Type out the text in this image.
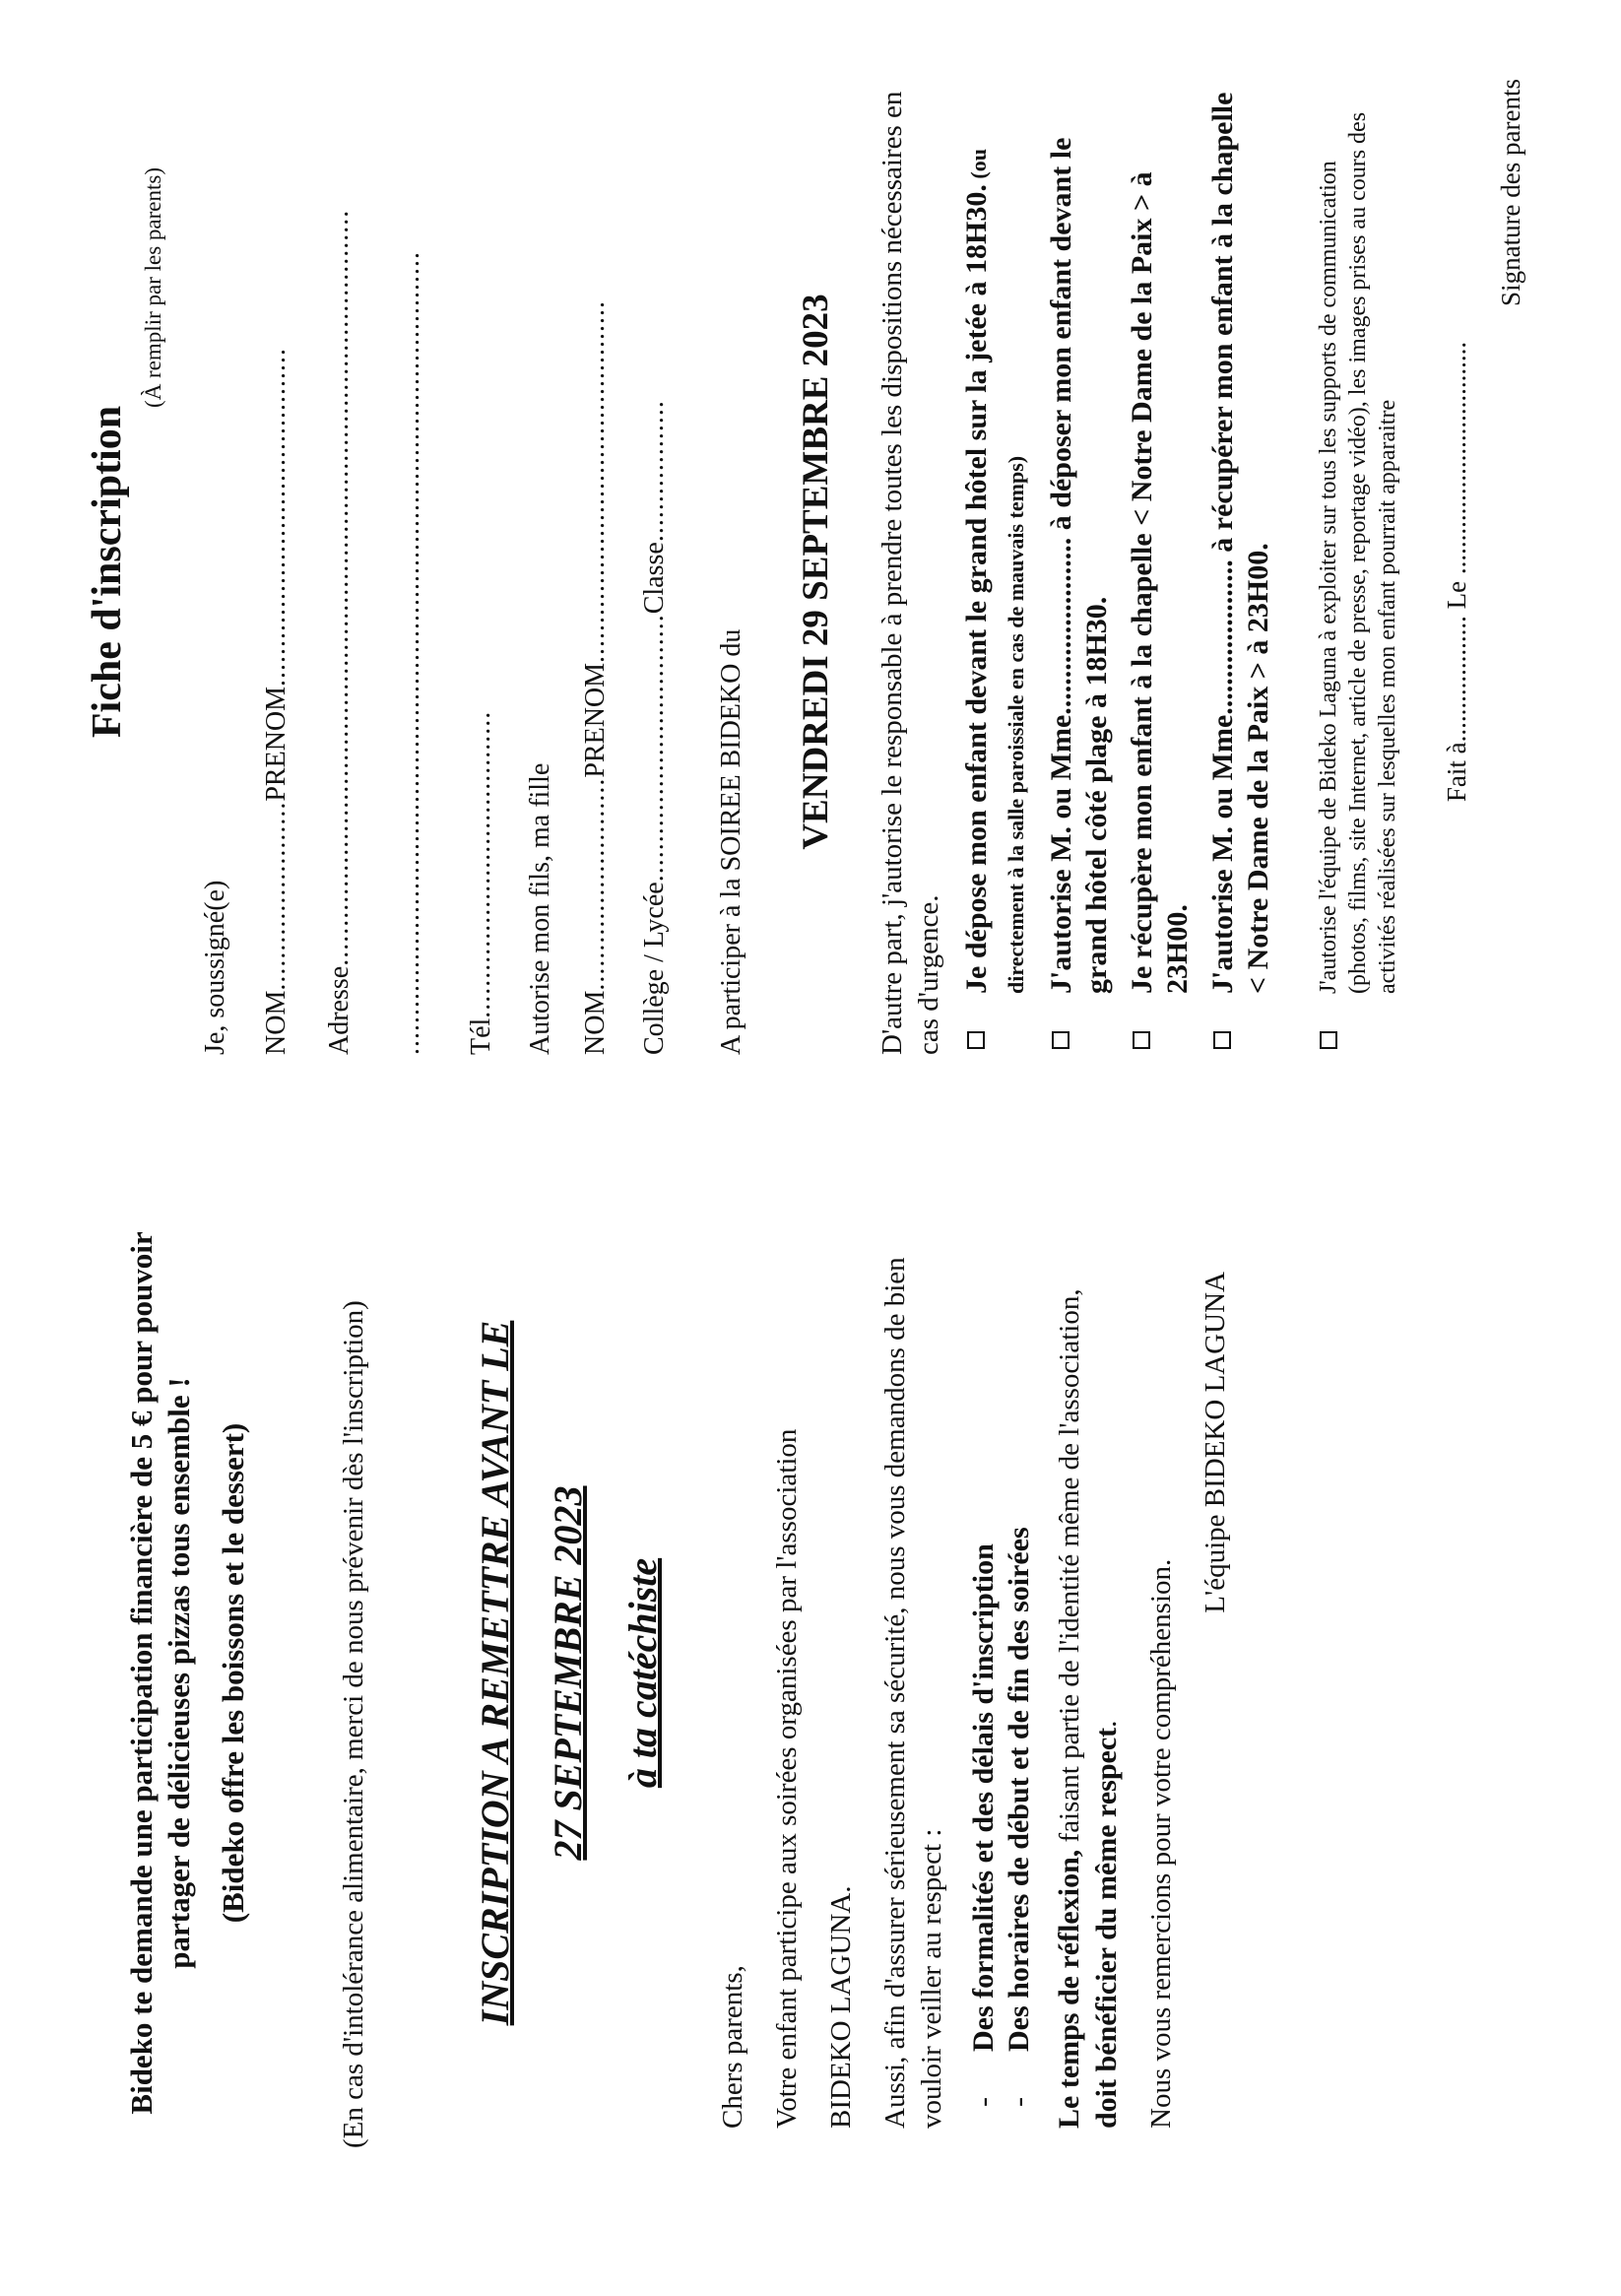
Bideko te demande une participation financière de 5 € pour pouvoir
partager de délicieuses pizzas tous ensemble ! (Bideko offre les boissons et le dessert)	(En cas d'intolérance alimentaire, merci de nous prévenir dès l'inscription)	INSCRIPTION A REMETTRE AVANT LE 27 SEPTEMBRE 2023 à ta catéchiste

Chers parents, Votre enfant participe aux soirées organisées par l'association BIDEKO LAGUNA. Aussi, afin d'assurer sérieusement sa sécurité, nous vous demandons de bien vouloir veiller au respect : -
Des formalités et des délais d'inscription
-
Des horaires de début et de fin des soirées Le temps de réflexion, faisant partie de l'identité même de l'association,
doit bénéficier du même respect. Nous vous remercions pour votre compréhension.

L'équipe BIDEKO LAGUNA

Fiche d'inscription

(À remplir par les parents)

Je, soussigné(e) NOM........................PRENOM...........................................

Adresse................................................................................................ ...................................................................................................... Tél....................................... Autorise mon fils, ma fille NOM...........................PRENOM..............................................

Collège / Lycée..................................Classe..................

A participer à la SOIREE BIDEKO du VENDREDI 29 SEPTEMBRE 2023 D'autre part, j'autorise le responsable à prendre toutes les dispositions nécessaires en cas d'urgence. Je dépose mon enfant devant le grand hôtel sur la jetée à 18H30. (ou directement à la salle paroissiale en cas de mauvais temps) J'autorise M. ou Mme........................ à déposer mon enfant devant le grand hôtel côté plage à 18H30. Je récupère mon enfant à la chapelle < Notre Dame de la Paix > à 23H00. J'autorise M. ou Mme..................... à récupérer mon enfant à la chapelle < Notre Dame de la Paix > à 23H00. J'autorise l'équipe de Bideko Laguna à exploiter sur tous les supports de communication (photos, films, site Internet, article de presse, reportage vidéo), les images prises au cours des activités réalisées sur lesquelles mon enfant pourrait apparaitre Fait à................... Le ...................................

Signature des parents
